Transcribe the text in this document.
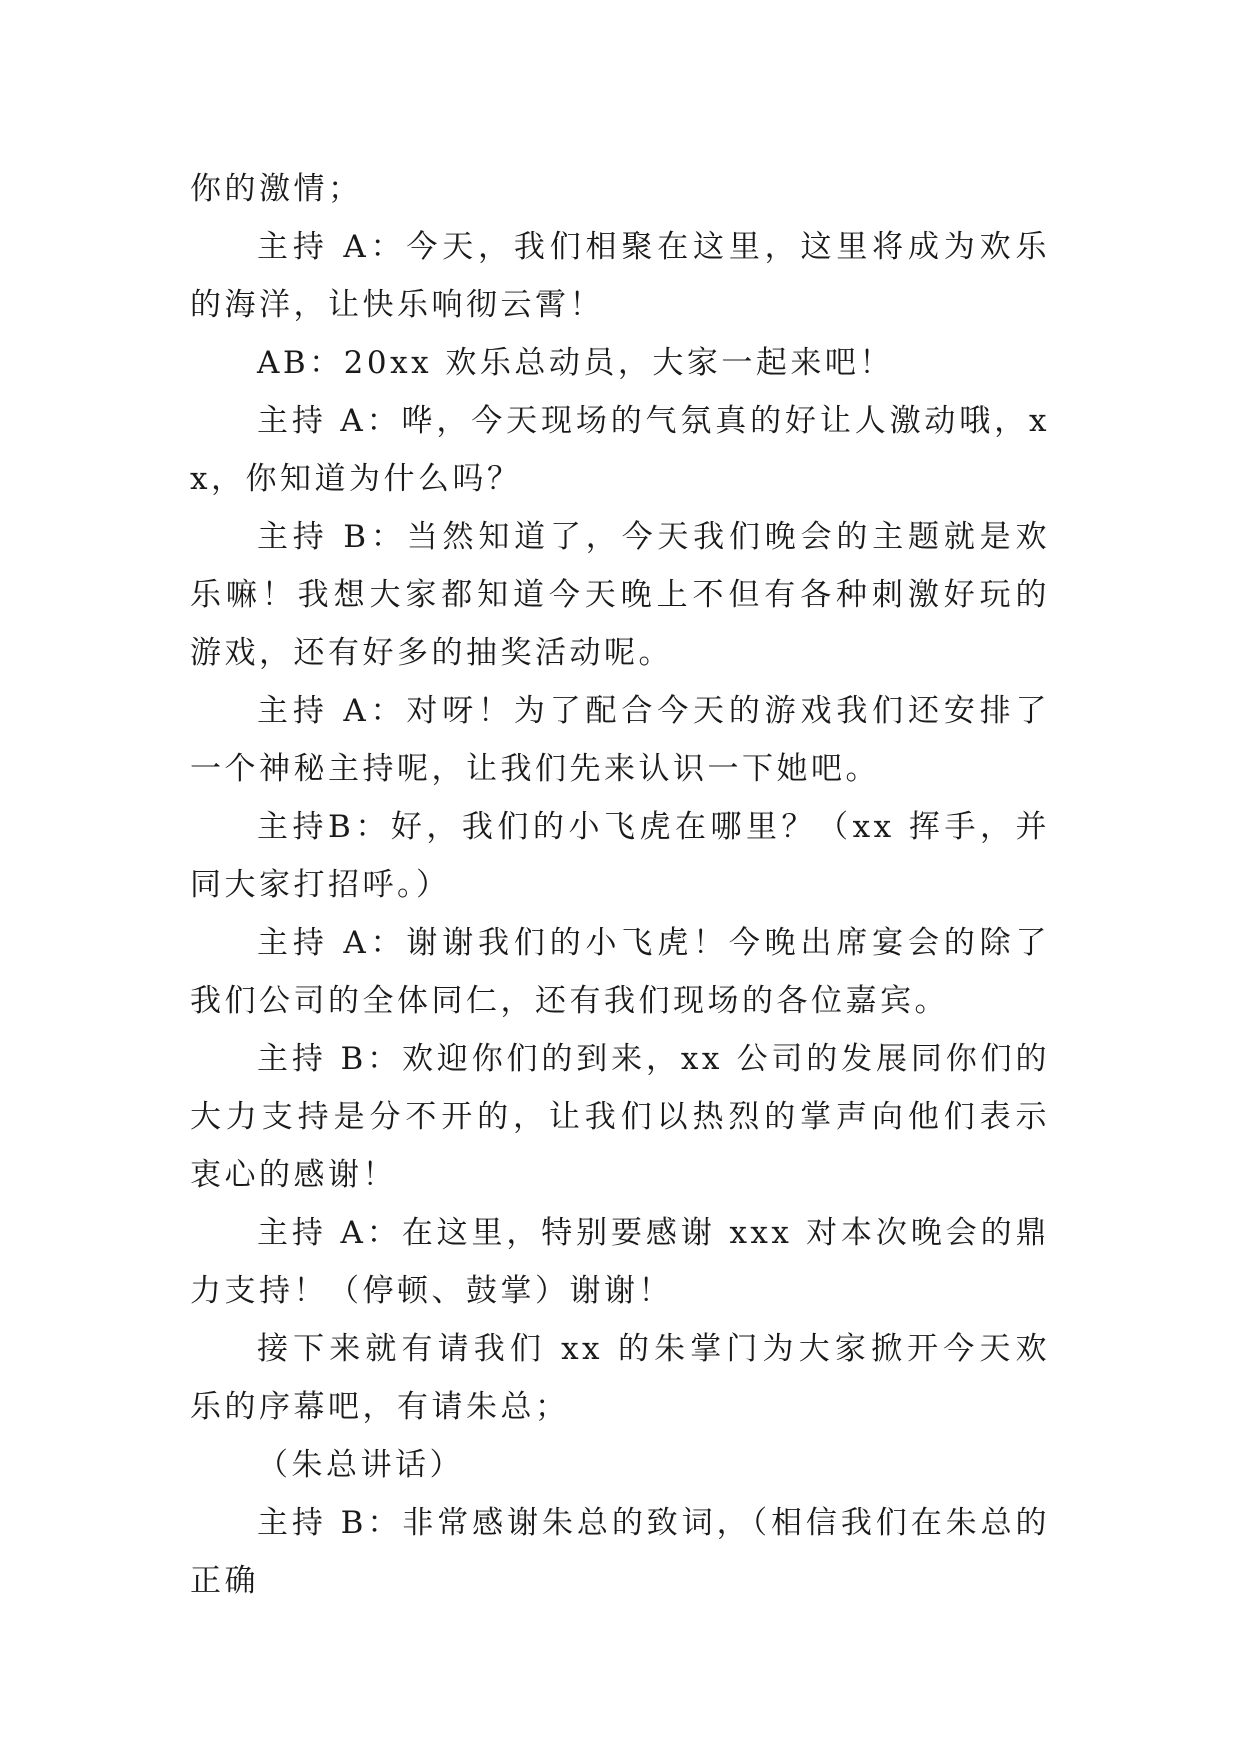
你的激情；

主持 A：今天，我们相聚在这里，这里将成为欢乐的海洋，让快乐响彻云霄！

AB：20xx 欢乐总动员，大家一起来吧！

主持 A：哗，今天现场的气氛真的好让人激动哦，xx，你知道为什么吗？

主持 B：当然知道了，今天我们晚会的主题就是欢乐嘛！我想大家都知道今天晚上不但有各种刺激好玩的游戏，还有好多的抽奖活动呢。

主持 A：对呀！为了配合今天的游戏我们还安排了一个神秘主持呢，让我们先来认识一下她吧。

主持B：好，我们的小飞虎在哪里？（xx 挥手，并同大家打招呼。）

主持 A：谢谢我们的小飞虎！今晚出席宴会的除了我们公司的全体同仁，还有我们现场的各位嘉宾。

主持 B：欢迎你们的到来，xx 公司的发展同你们的大力支持是分不开的，让我们以热烈的掌声向他们表示衷心的感谢！

主持 A：在这里，特别要感谢 xxx 对本次晚会的鼎力支持！（停顿、鼓掌）谢谢！

接下来就有请我们 xx 的朱掌门为大家掀开今天欢乐的序幕吧，有请朱总；

（朱总讲话）

主持 B：非常感谢朱总的致词，（相信我们在朱总的正确
